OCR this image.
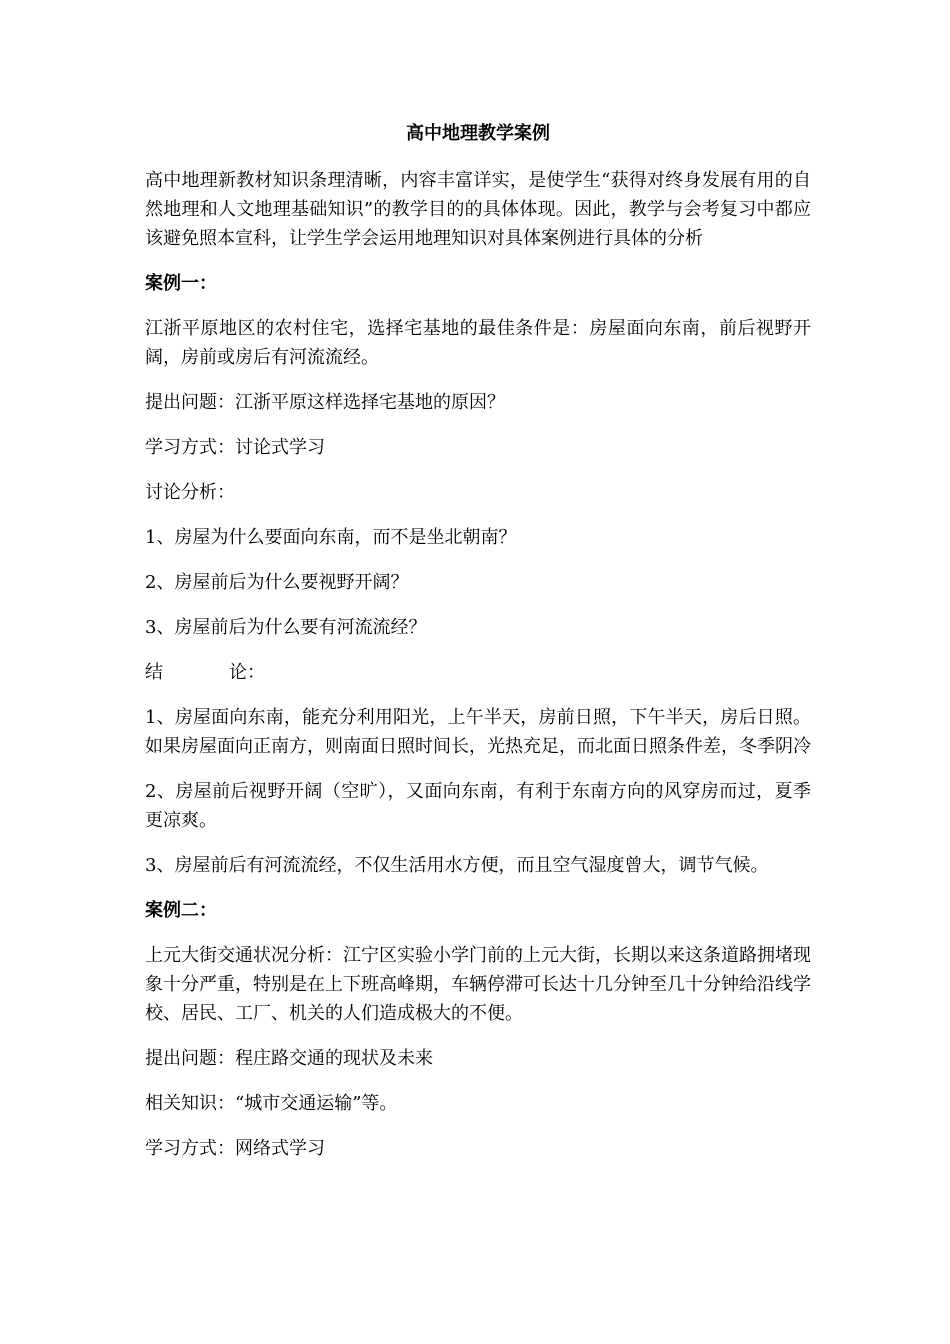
高中地理教学案例

高中地理新教材知识条理清晰，内容丰富详实，是使学生“获得对终身发展有用的自然地理和人文地理基础知识”的教学目的的具体体现。因此，教学与会考复习中都应该避免照本宣科，让学生学会运用地理知识对具体案例进行具体的分析

案例一：

江浙平原地区的农村住宅，选择宅基地的最佳条件是：房屋面向东南，前后视野开阔，房前或房后有河流流经。

提出问题：江浙平原这样选择宅基地的原因？

学习方式：讨论式学习

讨论分析：

1、房屋为什么要面向东南，而不是坐北朝南？

2、房屋前后为什么要视野开阔？

3、房屋前后为什么要有河流流经？

结	论：

1、房屋面向东南，能充分利用阳光，上午半天，房前日照，下午半天，房后日照。如果房屋面向正南方，则南面日照时间长，光热充足，而北面日照条件差，冬季阴冷

2、房屋前后视野开阔（空旷），又面向东南，有利于东南方向的风穿房而过，夏季更凉爽。

3、房屋前后有河流流经，不仅生活用水方便，而且空气湿度曾大，调节气候。

案例二：

上元大街交通状况分析：江宁区实验小学门前的上元大街，长期以来这条道路拥堵现象十分严重，特别是在上下班高峰期，车辆停滞可长达十几分钟至几十分钟给沿线学校、居民、工厂、机关的人们造成极大的不便。

提出问题：程庄路交通的现状及未来

相关知识：“城市交通运输”等。

学习方式：网络式学习
